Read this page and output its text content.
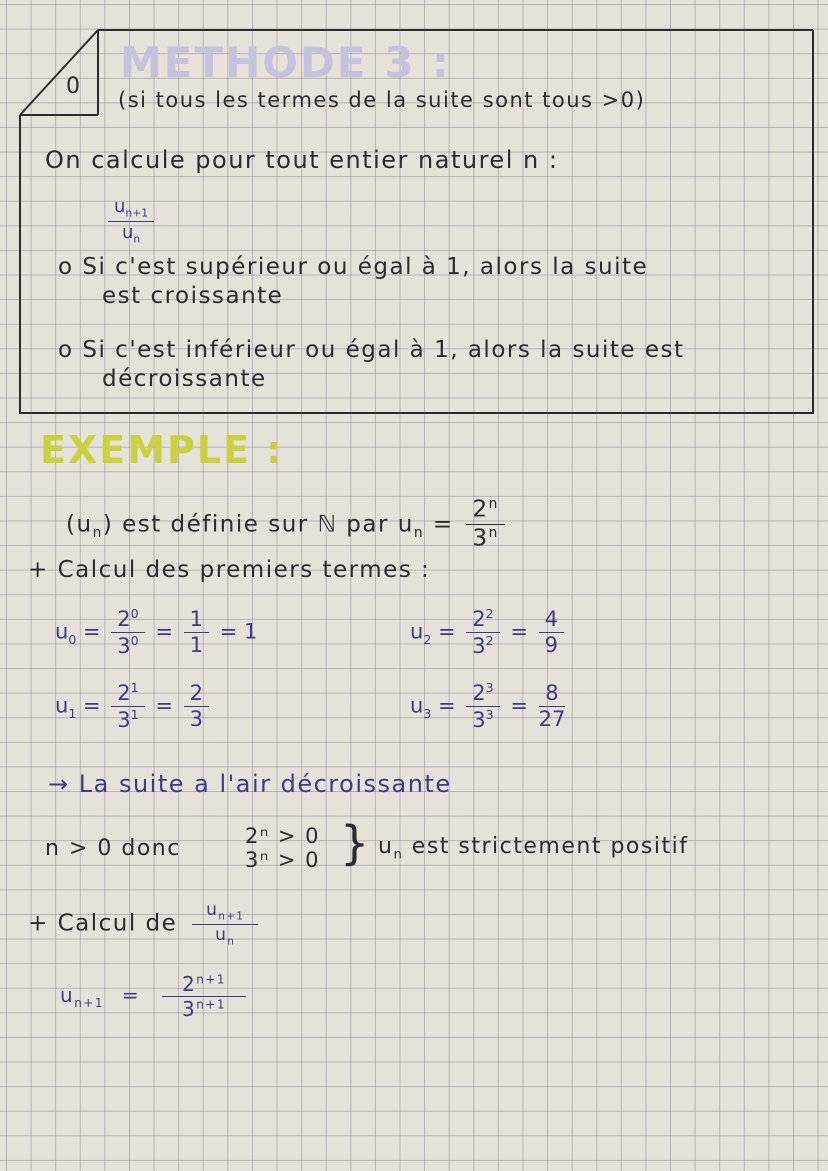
0 METHODE 3 :
(si tous les termes de la suite sont tous >0)
On calcule pour tout entier naturel n :
$\frac{u_{n+1}}{u_n}$
o Si c'est supérieur ou égal à 1, alors la suite
est croissante
o Si c'est inférieur ou égal à 1, alors la suite est
décroissante
EXEMPLE :
$(u_n)$ est définie sur ℕ par $u_n = \frac{2^n}{3^n}$
+ Calcul des premiers termes :
$u_0 = \frac{2^0}{3^0} = \frac{1}{1} = 1$
$u_1 = \frac{2^1}{3^1} = \frac{2}{3}$
$u_2 = \frac{2^2}{3^2} = \frac{4}{9}$
$u_3 = \frac{2^3}{3^3} = \frac{8}{27}$
→ La suite a l'air décroissante
n > 0 donc	2ⁿ > 0
3ⁿ > 0 } $u_n$ est strictement positif
+ Calcul de $\frac{u_{n+1}}{u_n}$
$u_{n+1} = \frac{2^{n+1}}{3^{n+1}}$
